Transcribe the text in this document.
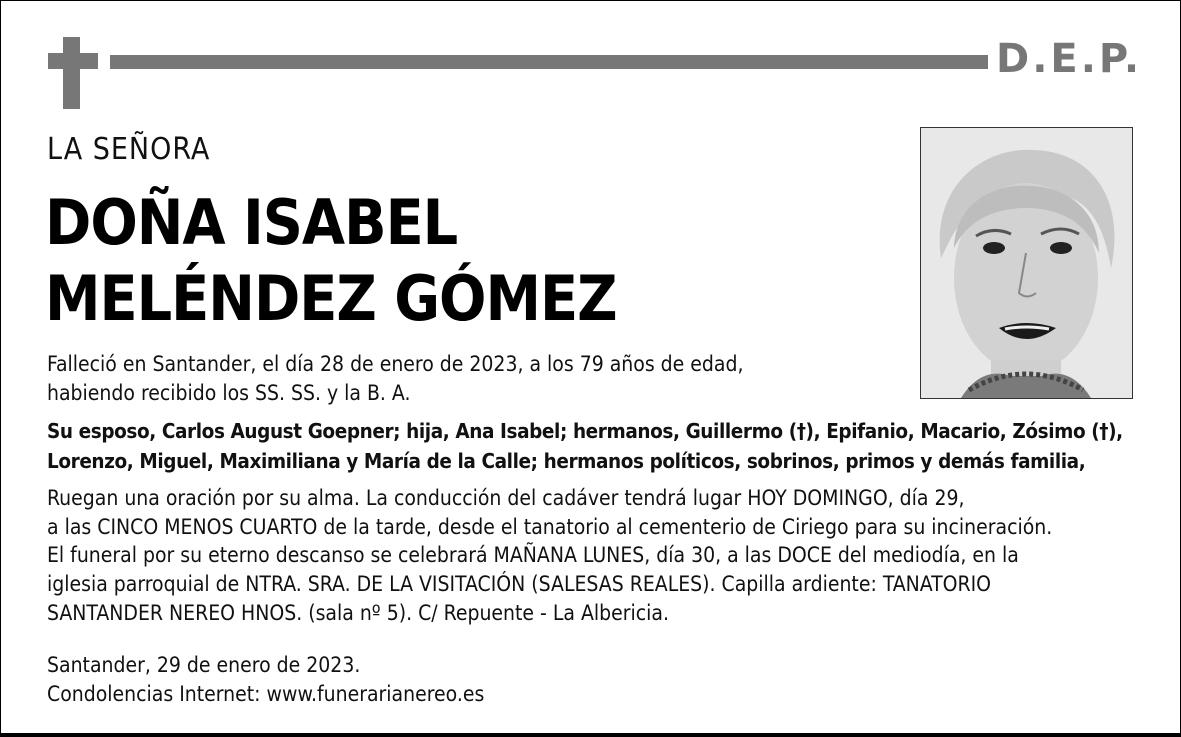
D.E.P.
LA SEÑORA
DOÑA ISABEL
MELÉNDEZ GÓMEZ
Falleció en Santander, el día 28 de enero de 2023, a los 79 años de edad,
habiendo recibido los SS. SS. y la B. A.
Su esposo, Carlos August Goepner; hija, Ana Isabel; hermanos, Guillermo (†), Epifanio, Macario, Zósimo (†),
Lorenzo, Miguel, Maximiliana y María de la Calle; hermanos políticos, sobrinos, primos y demás familia,
Ruegan una oración por su alma. La conducción del cadáver tendrá lugar HOY DOMINGO, día 29,
a las CINCO MENOS CUARTO de la tarde, desde el tanatorio al cementerio de Ciriego para su incineración.
El funeral por su eterno descanso se celebrará MAÑANA LUNES, día 30, a las DOCE del mediodía, en la
iglesia parroquial de NTRA. SRA. DE LA VISITACIÓN (SALESAS REALES). Capilla ardiente: TANATORIO
SANTANDER NEREO HNOS. (sala nº 5). C/ Repuente - La Albericia.
Santander, 29 de enero de 2023.
Condolencias Internet: www.funerarianereo.es
